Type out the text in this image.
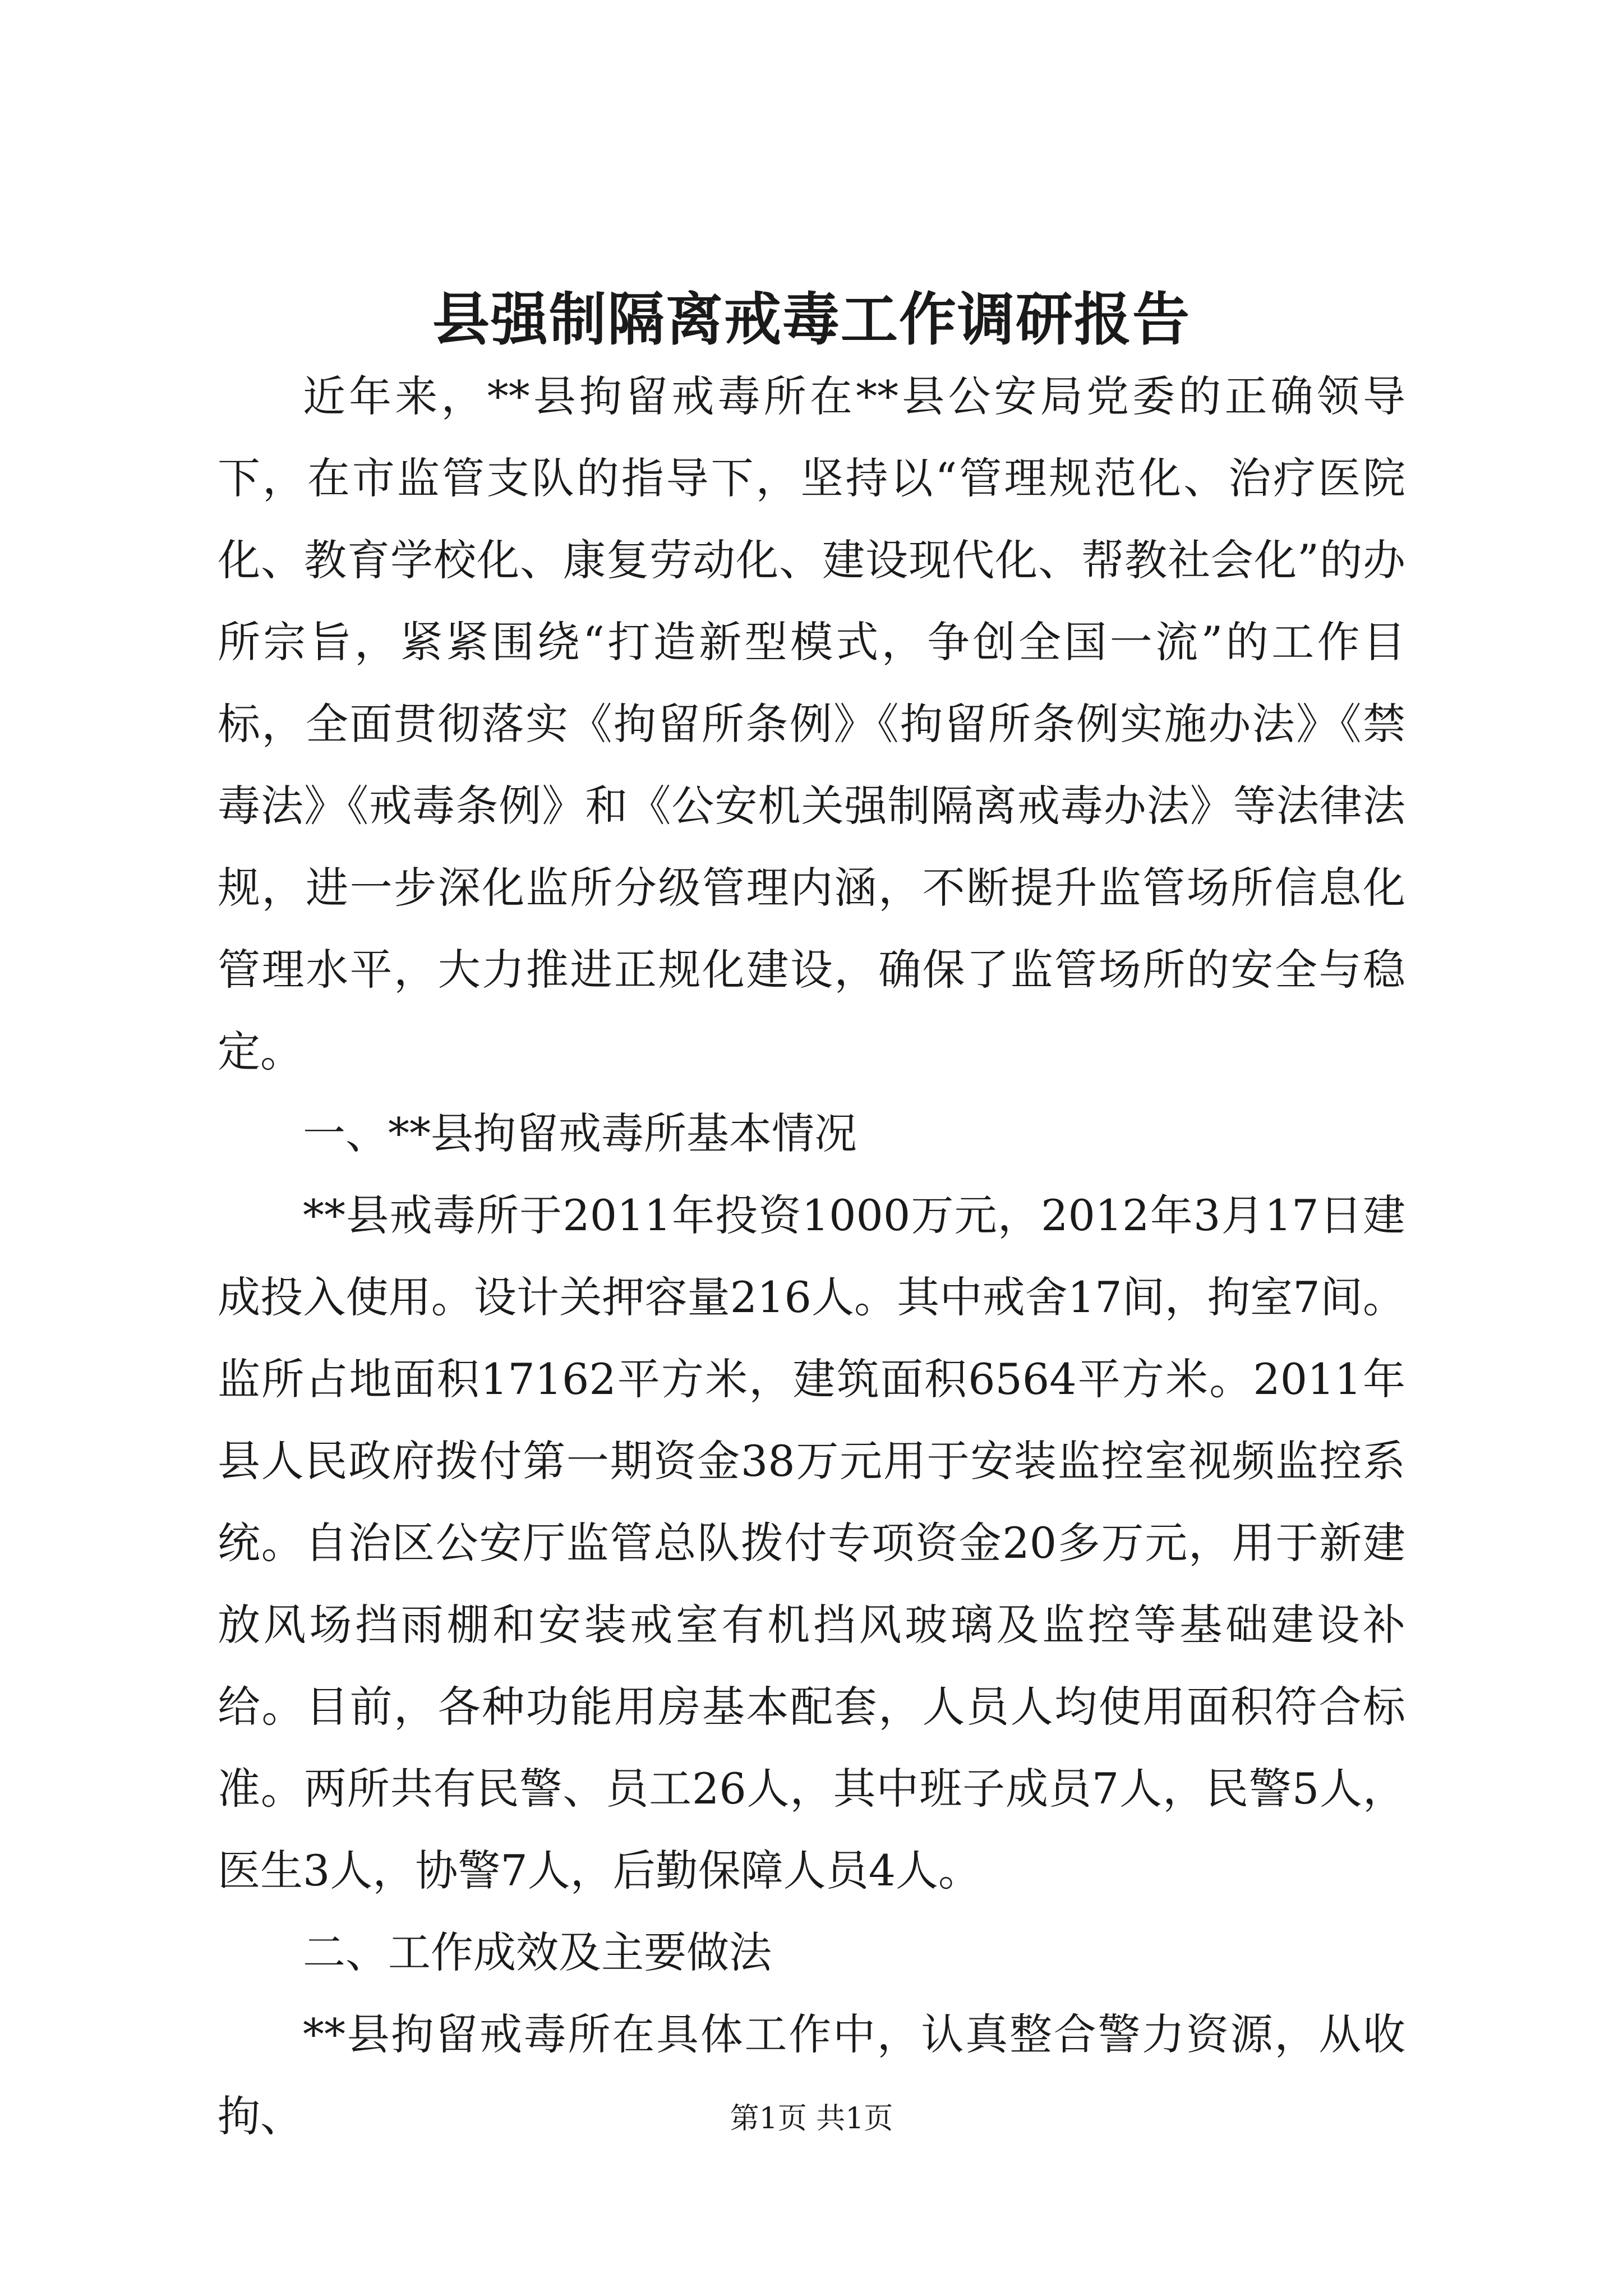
县强制隔离戒毒工作调研报告

近年来，**县拘留戒毒所在**县公安局党委的正确领导下，在市监管支队的指导下，坚持以“管理规范化、治疗医院化、教育学校化、康复劳动化、建设现代化、帮教社会化”的办所宗旨，紧紧围绕“打造新型模式，争创全国一流”的工作目标，全面贯彻落实《拘留所条例》《拘留所条例实施办法》《禁毒法》《戒毒条例》和《公安机关强制隔离戒毒办法》等法律法规，进一步深化监所分级管理内涵，不断提升监管场所信息化管理水平，大力推进正规化建设，确保了监管场所的安全与稳定。

一、**县拘留戒毒所基本情况

**县戒毒所于2011年投资1000万元，2012年3月17日建成投入使用。设计关押容量216人。其中戒舍17间，拘室7间。监所占地面积17162平方米，建筑面积6564平方米。2011年县人民政府拨付第一期资金38万元用于安装监控室视频监控系统。自治区公安厅监管总队拨付专项资金20多万元，用于新建放风场挡雨棚和安装戒室有机挡风玻璃及监控等基础建设补给。目前，各种功能用房基本配套，人员人均使用面积符合标准。两所共有民警、员工26人，其中班子成员7人，民警5人，医生3人，协警7人，后勤保障人员4人。

二、工作成效及主要做法

**县拘留戒毒所在具体工作中，认真整合警力资源，从收拘、	第1页 共1页
